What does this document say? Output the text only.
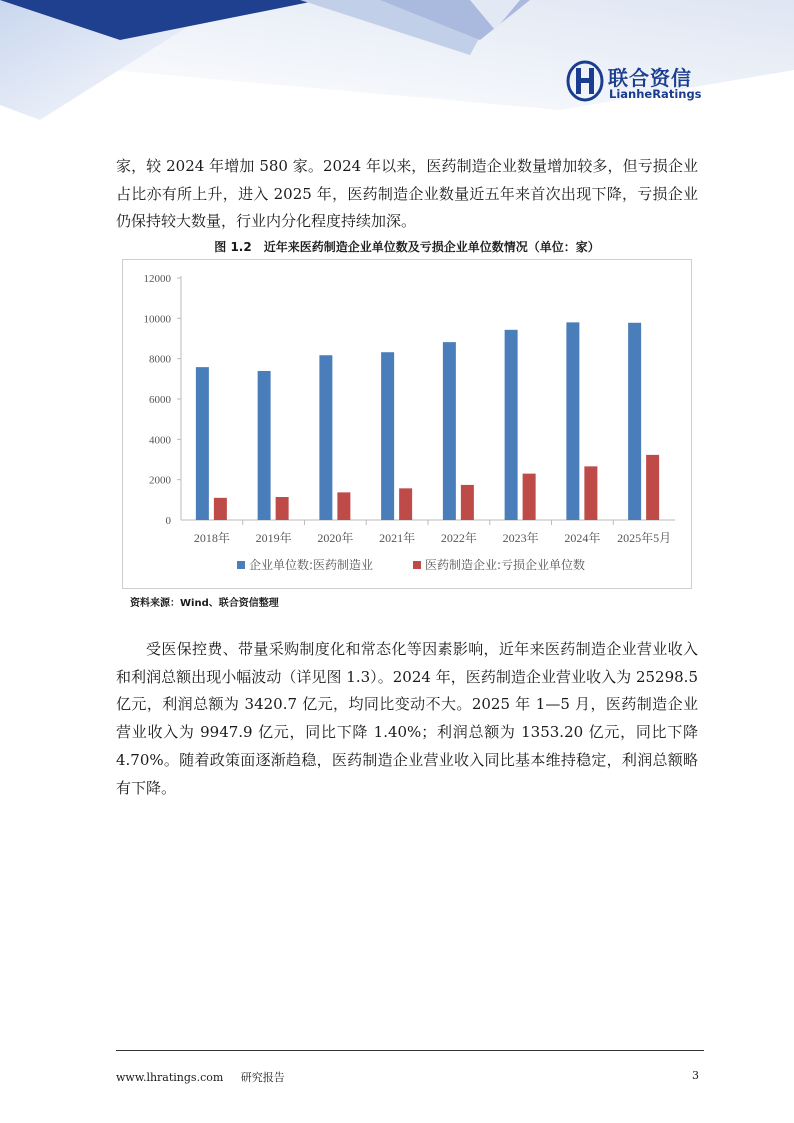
联合资信
LianheRatings

家，较 2024 年增加 580 家。2024 年以来，医药制造企业数量增加较多，但亏损企业占比亦有所上升，进入 2025 年，医药制造企业数量近五年来首次出现下降，亏损企业仍保持较大数量，行业内分化程度持续加深。

图 1.2　近年来医药制造企业单位数及亏损企业单位数情况（单位：家）
0
2000
4000
6000
8000
10000
12000
2018年 2019年 2020年 2021年 2022年 2023年 2024年 2025年5月
企业单位数:医药制造业	医药制造企业:亏损企业单位数
资料来源：Wind、联合资信整理

受医保控费、带量采购制度化和常态化等因素影响，近年来医药制造企业营业收入和利润总额出现小幅波动（详见图 1.3）。2024 年，医药制造企业营业收入为 25298.5 亿元，利润总额为 3420.7 亿元，均同比变动不大。2025 年 1—5 月，医药制造企业营业收入为 9947.9 亿元，同比下降 1.40%；利润总额为 1353.20 亿元，同比下降 4.70%。随着政策面逐渐趋稳，医药制造企业营业收入同比基本维持稳定，利润总额略有下降。

www.lhratings.com 研究报告	3
